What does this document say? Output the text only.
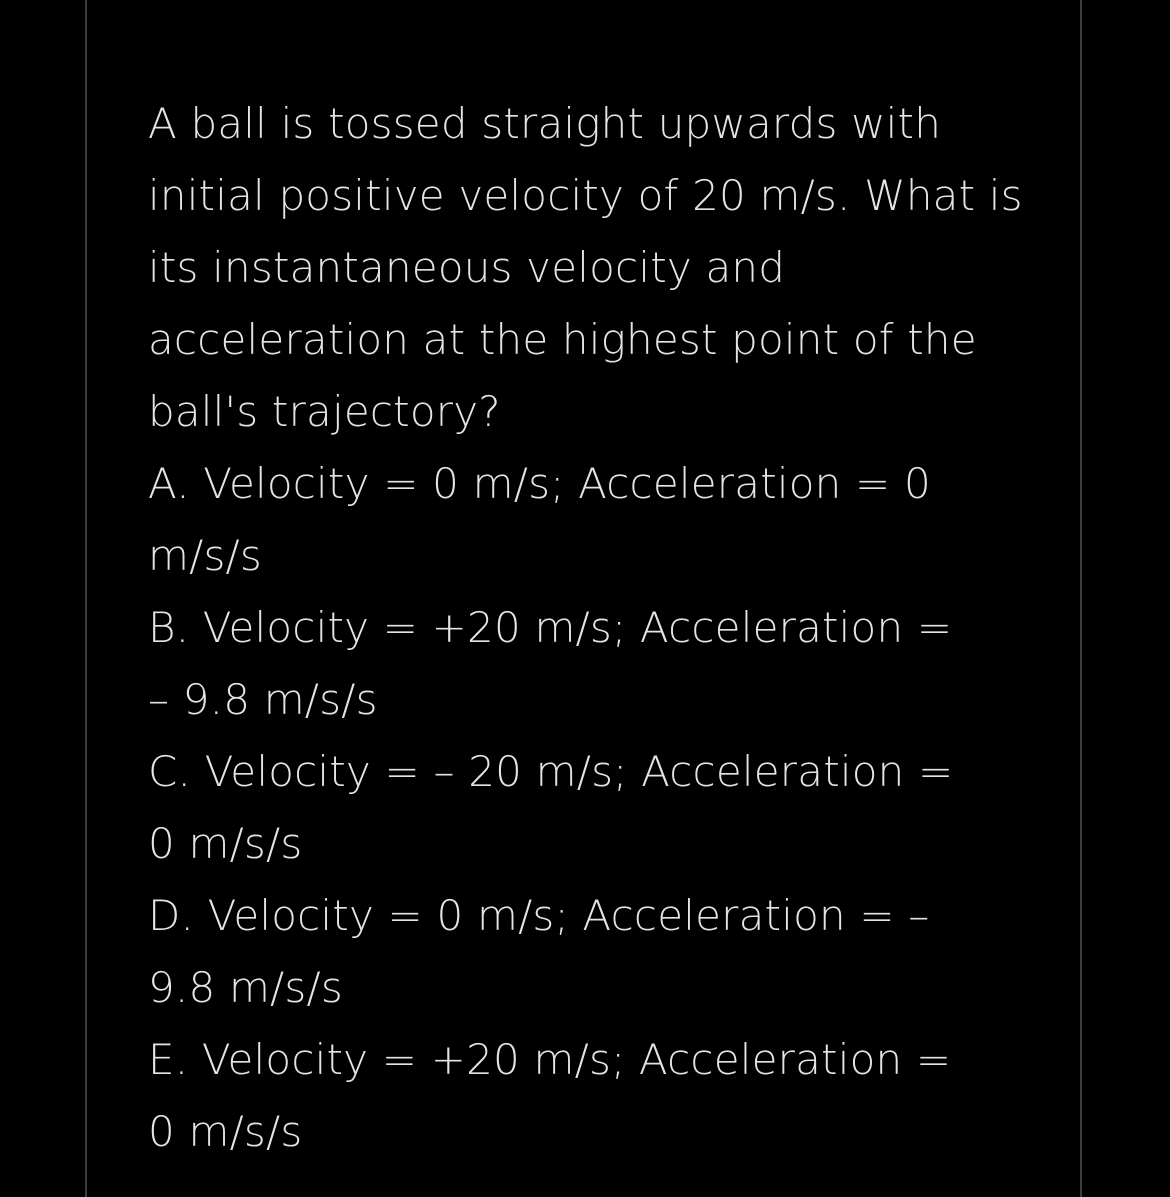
A ball is tossed straight upwards with initial positive velocity of 20 m/s. What is its instantaneous velocity and acceleration at the highest point of the ball's trajectory?

A. Velocity = 0 m/s; Acceleration = 0 m/s/s
B. Velocity = +20 m/s; Acceleration = – 9.8 m/s/s
C. Velocity = – 20 m/s; Acceleration = 0 m/s/s
D. Velocity = 0 m/s; Acceleration = – 9.8 m/s/s
E. Velocity = +20 m/s; Acceleration = 0 m/s/s
